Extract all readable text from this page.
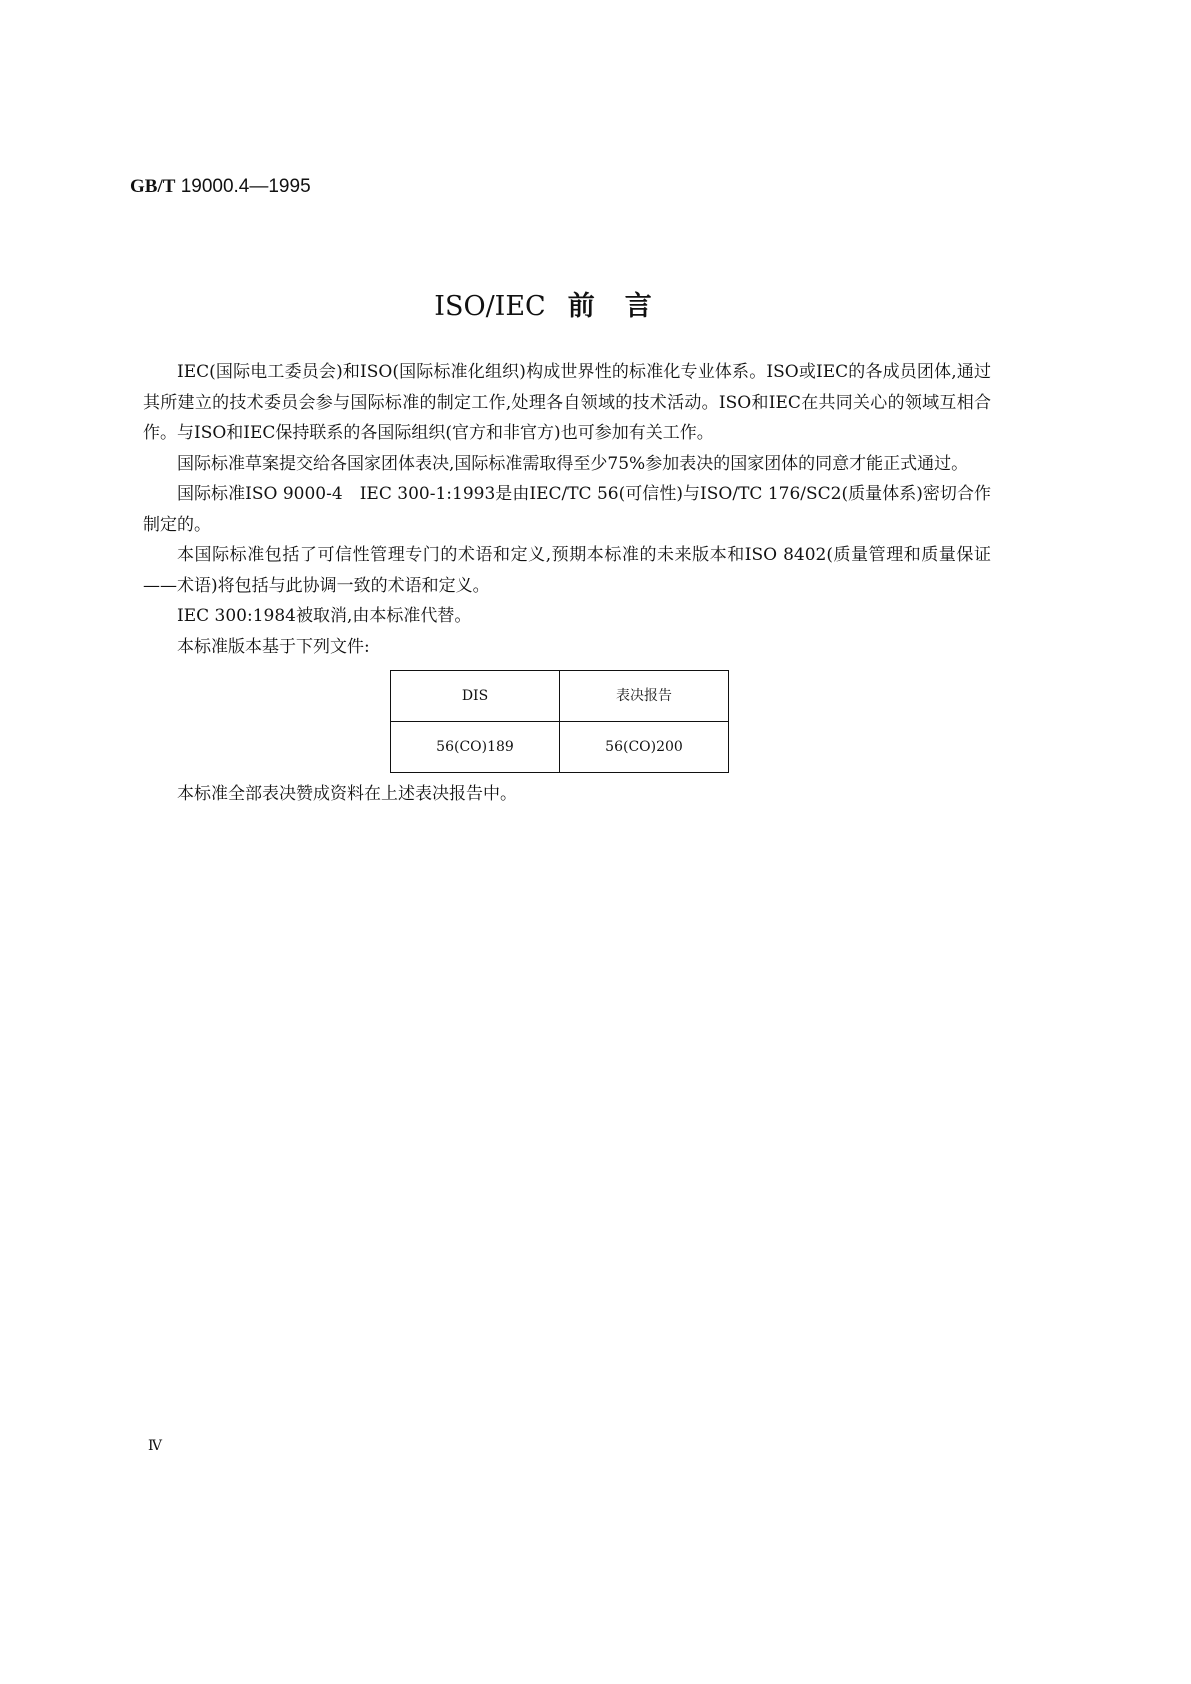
GB/T 19000.4—1995
ISO/IEC 前言

IEC(国际电工委员会)和ISO(国际标准化组织)构成世界性的标准化专业体系。ISO或IEC的各成员团体,通过其所建立的技术委员会参与国际标准的制定工作,处理各自领域的技术活动。ISO和IEC在共同关心的领域互相合作。与ISO和IEC保持联系的各国际组织(官方和非官方)也可参加有关工作。

国际标准草案提交给各国家团体表决,国际标准需取得至少75%参加表决的国家团体的同意才能正式通过。

国际标准ISO 9000-4　IEC 300-1:1993是由IEC/TC 56(可信性)与ISO/TC 176/SC2(质量体系)密切合作制定的。

本国际标准包括了可信性管理专门的术语和定义,预期本标准的未来版本和ISO 8402(质量管理和质量保证——术语)将包括与此协调一致的术语和定义。

IEC 300:1984被取消,由本标准代替。

本标准版本基于下列文件:

DIS	表决报告
56(CO)189	56(CO)200

本标准全部表决赞成资料在上述表决报告中。

Ⅳ
